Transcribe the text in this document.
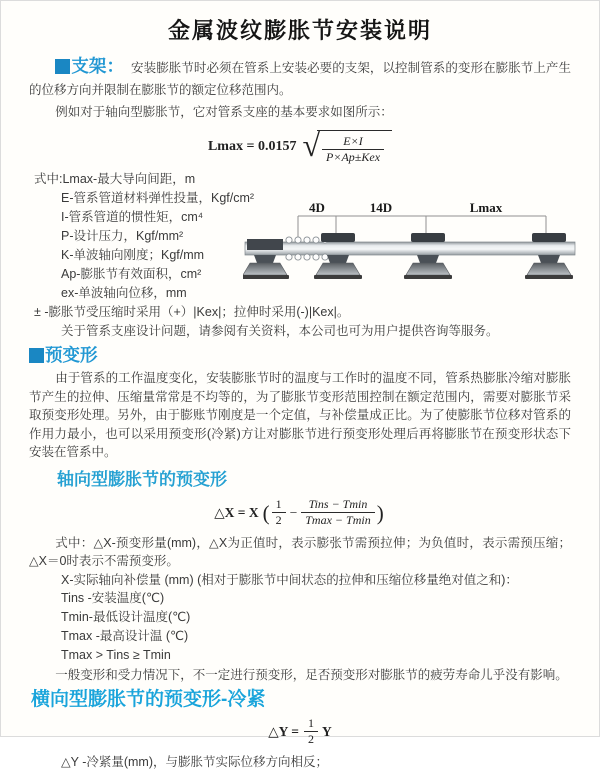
金属波纹膨胀节安装说明

支架： 安装膨胀节时必须在管系上安装必要的支架，以控制管系的变形在膨胀节上产生的位移方向并限制在膨胀节的额定位移范围内。

例如对于轴向型膨胀节，它对管系支座的基本要求如图所示：

Lmax = 0.0157 √ $\frac{E\times I}{\text{P×Ap±Kex}}$
式中:Lmax-最大导向间距，m
E-管系管道材料弹性投量，Kgf/cm²
I-管系管道的惯性矩，cm⁴
P-设计压力，Kgf/mm²
K-单波轴向刚度；Kgf/mm
Ap-膨胀节有效面积，cm²
ex-单波轴向位移，mm
± -膨胀节受压缩时采用（+）|Kex|；拉伸时采用(-)|Kex|。
关于管系支座设计问题，请参阅有关资料，本公司也可为用户提供咨询等服务。
4D	14D	Lmax

预变形

由于管系的工作温度变化，安装膨胀节时的温度与工作时的温度不同，管系热膨胀冷缩对膨胀节产生的拉伸、压缩量常常是不均等的，为了膨胀节变形范围控制在额定范围内，需要对膨胀节采取预变形处理。另外，由于膨账节刚度是一个定值，与补偿量成正比。为了使膨胀节位移对管系的作用力最小，也可以采用预变形(冷紧)方让对膨胀节进行预变形处理后再将膨胀节在预变形状态下安装在管系中。

轴向型膨胀节的预变形
△X = X ( $\frac{1}{2} - \frac{\text{Tins − Tmin}}{Tmax - Tmin}$ )

式中：△X-预变形量(mm)，△X为正值时，表示膨张节需预拉伸；为负值时，表示需预压缩；△X＝0时表示不需预变形。

X-实际轴向补偿量 (mm) (相对于膨胀节中间状态的拉伸和压缩位移量绝对值之和)：

Tins -安装温度(℃)
Tmin-最低设计温度(℃)
Tmax -最高设计温 (℃)
Tmax > Tins ≥ Tmin

一般变形和受力情况下，不一定进行预变形，足否预变形对膨胀节的疲劳寿命儿乎没有影响。

横向型膨胀节的预变形-冷紧
△Y = $\frac{1}{2}$ Y

△Y -冷紧量(mm)，与膨胀节实际位移方向相反；
